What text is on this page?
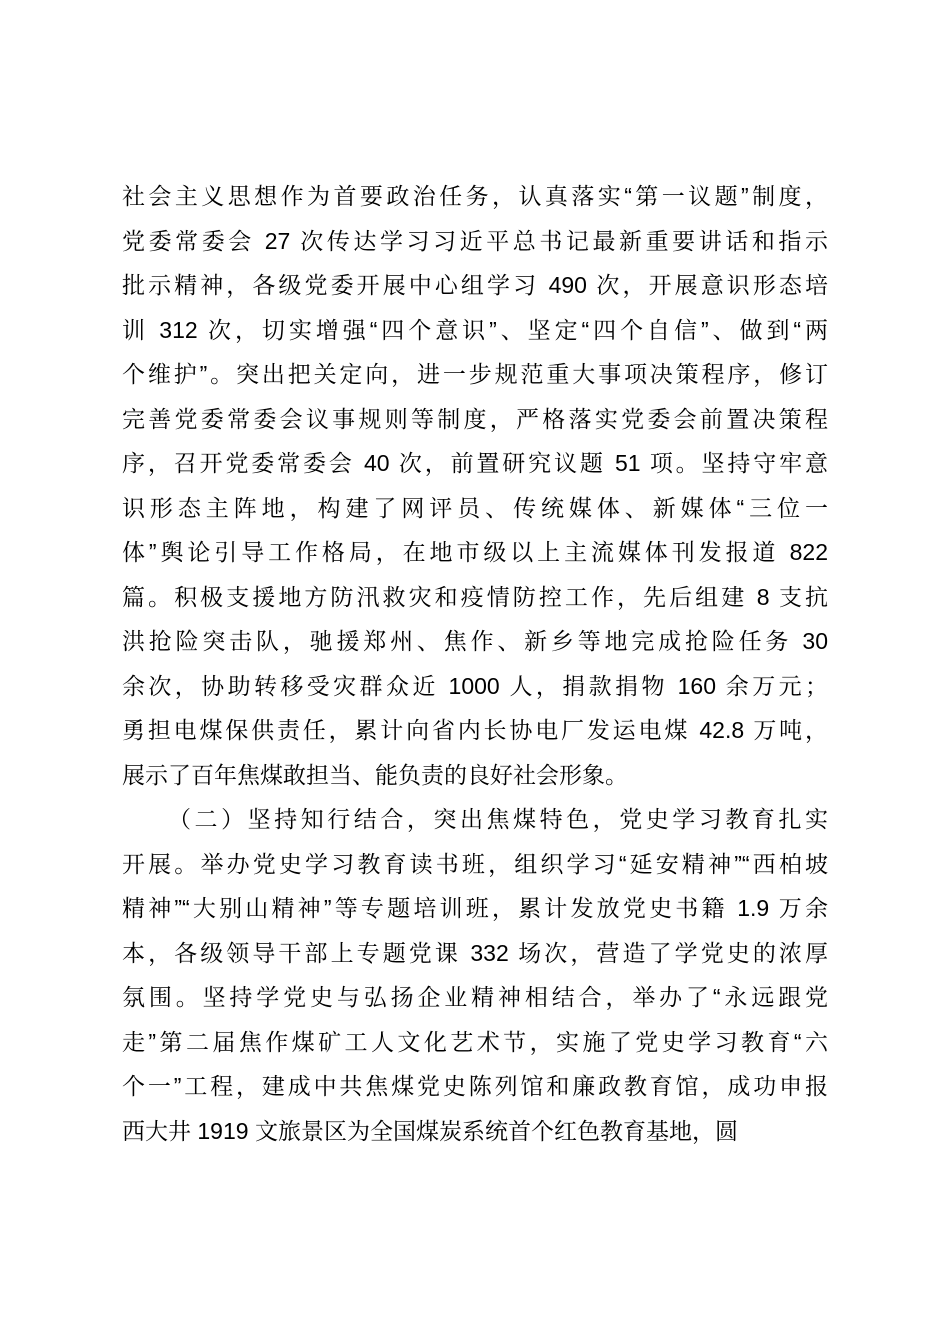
社会主义思想作为首要政治任务，认真落实“第一议题”制度，
党委常委会 27 次传达学习习近平总书记最新重要讲话和指示
批示精神，各级党委开展中心组学习 490 次，开展意识形态培
训 312 次，切实增强“四个意识”、坚定“四个自信”、做到“两
个维护”。突出把关定向，进一步规范重大事项决策程序，修订
完善党委常委会议事规则等制度，严格落实党委会前置决策程
序，召开党委常委会 40 次，前置研究议题 51 项。坚持守牢意
识形态主阵地，构建了网评员、传统媒体、新媒体“三位一
体”舆论引导工作格局，在地市级以上主流媒体刊发报道 822
篇。积极支援地方防汛救灾和疫情防控工作，先后组建 8 支抗
洪抢险突击队，驰援郑州、焦作、新乡等地完成抢险任务 30
余次，协助转移受灾群众近 1000 人，捐款捐物 160 余万元；
勇担电煤保供责任，累计向省内长协电厂发运电煤 42.8 万吨，
展示了百年焦煤敢担当、能负责的良好社会形象。
（二）坚持知行结合，突出焦煤特色，党史学习教育扎实
开展。举办党史学习教育读书班，组织学习“延安精神”“西柏坡
精神”“大别山精神”等专题培训班，累计发放党史书籍 1.9 万余
本，各级领导干部上专题党课 332 场次，营造了学党史的浓厚
氛围。坚持学党史与弘扬企业精神相结合，举办了“永远跟党
走”第二届焦作煤矿工人文化艺术节，实施了党史学习教育“六
个一”工程，建成中共焦煤党史陈列馆和廉政教育馆，成功申报
西大井 1919 文旅景区为全国煤炭系统首个红色教育基地，圆
